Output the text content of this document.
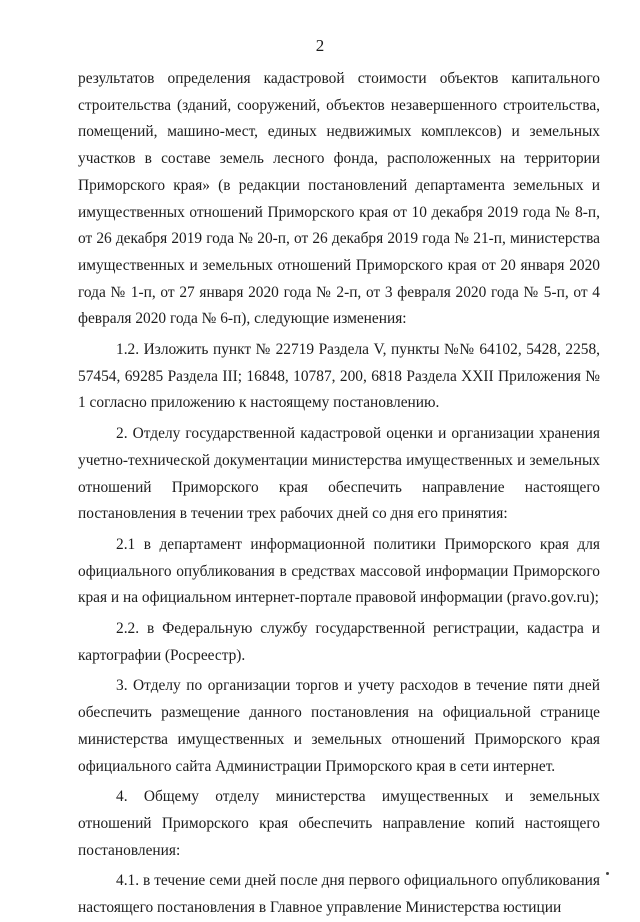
2

результатов определения кадастровой стоимости объектов капитального строительства (зданий, сооружений, объектов незавершенного строительства, помещений, машино-мест, единых недвижимых комплексов) и земельных участков в составе земель лесного фонда, расположенных на территории Приморского края» (в редакции постановлений департамента земельных и имущественных отношений Приморского края от 10 декабря 2019 года № 8-п, от 26 декабря 2019 года № 20-п, от 26 декабря 2019 года № 21-п, министерства имущественных и земельных отношений Приморского края от 20 января 2020 года № 1-п, от 27 января 2020 года № 2-п, от 3 февраля 2020 года № 5-п, от 4 февраля 2020 года № 6-п), следующие изменения:

1.2. Изложить пункт № 22719 Раздела V, пункты №№ 64102, 5428, 2258, 57454, 69285 Раздела III; 16848, 10787, 200, 6818 Раздела XXII Приложения № 1 согласно приложению к настоящему постановлению.

2. Отделу государственной кадастровой оценки и организации хранения учетно-технической документации министерства имущественных и земельных отношений Приморского края обеспечить направление настоящего постановления в течении трех рабочих дней со дня его принятия:

2.1 в департамент информационной политики Приморского края для официального опубликования в средствах массовой информации Приморского края и на официальном интернет-портале правовой информации (pravo.gov.ru);

2.2. в Федеральную службу государственной регистрации, кадастра и картографии (Росреестр).

3. Отделу по организации торгов и учету расходов в течение пяти дней обеспечить размещение данного постановления на официальной странице министерства имущественных и земельных отношений Приморского края официального сайта Администрации Приморского края в сети интернет.

4. Общему отделу министерства имущественных и земельных отношений Приморского края обеспечить направление копий настоящего постановления:

4.1. в течение семи дней после дня первого официального опубликования настоящего постановления в Главное управление Министерства юстиции
